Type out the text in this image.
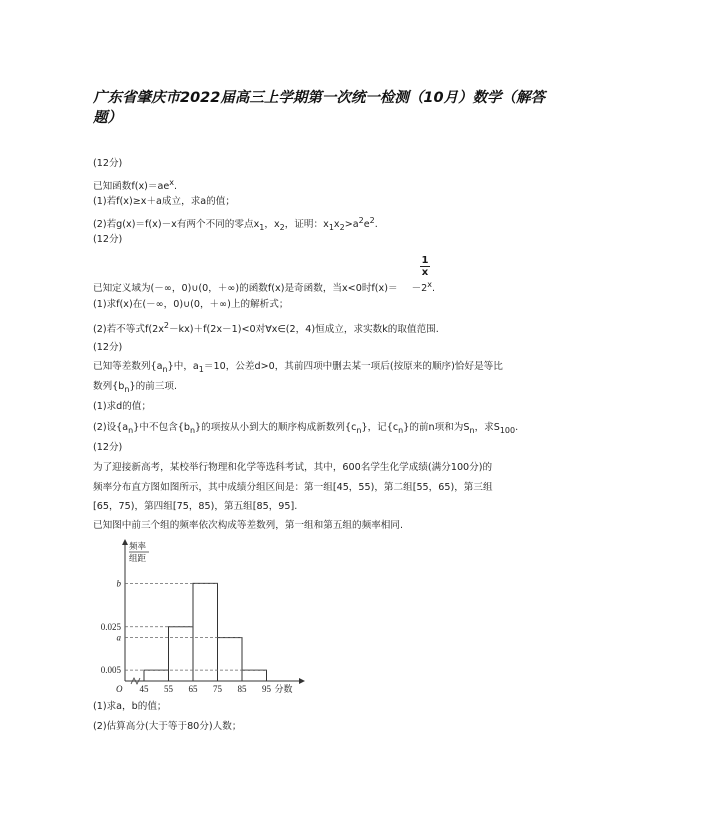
广东省肇庆市2022届高三上学期第一次统一检测（10月）数学（解答题）
(12分)
已知函数$f(x)=ae^x$.
(1)若f(x)≥x＋a成立，求a的值；
(2)若g(x)＝f(x)－x有两个不同的零点$x_1$，$x_2$，证明：$x_1x_2>a^2e^2$.
(12分)
$\frac{1}{x}$
已知定义域为(－∞，0)∪(0，＋∞)的函数f(x)是奇函数，当x<0时$f(x)= -2^x$.
(1)求f(x)在(－∞，0)∪(0，＋∞)上的解析式；
(2)若不等式$f(2x^2-kx)+f(2x-1)<0$对∀x∈(2，4)恒成立，求实数k的取值范围.
(12分)
已知等差数列$\{a_n\}$中，$a_1=10$，公差d>0，其前四项中删去某一项后(按原来的顺序)恰好是等比
数列$\{b_n\}$的前三项.
(1)求d的值；
(2)设$\{a_n\}$中不包含$\{b_n\}$的项按从小到大的顺序构成新数列$\{c_n\}$，记$\{c_n\}$的前n项和为$S_n$，求$S_{100}$.
(12分)
为了迎接新高考，某校举行物理和化学等选科考试，其中，600名学生化学成绩(满分100分)的
频率分布直方图如图所示，其中成绩分组区间是：第一组[45，55)，第二组[55，65)，第三组
[65，75)，第四组[75，85)，第五组[85，95].
已知图中前三个组的频率依次构成等差数列，第一组和第五组的频率相同.
0.005
a
0.025
b
45 55 65 75 85 95
O
频率
组距
分数
(1)求a，b的值；
(2)估算高分(大于等于80分)人数；
